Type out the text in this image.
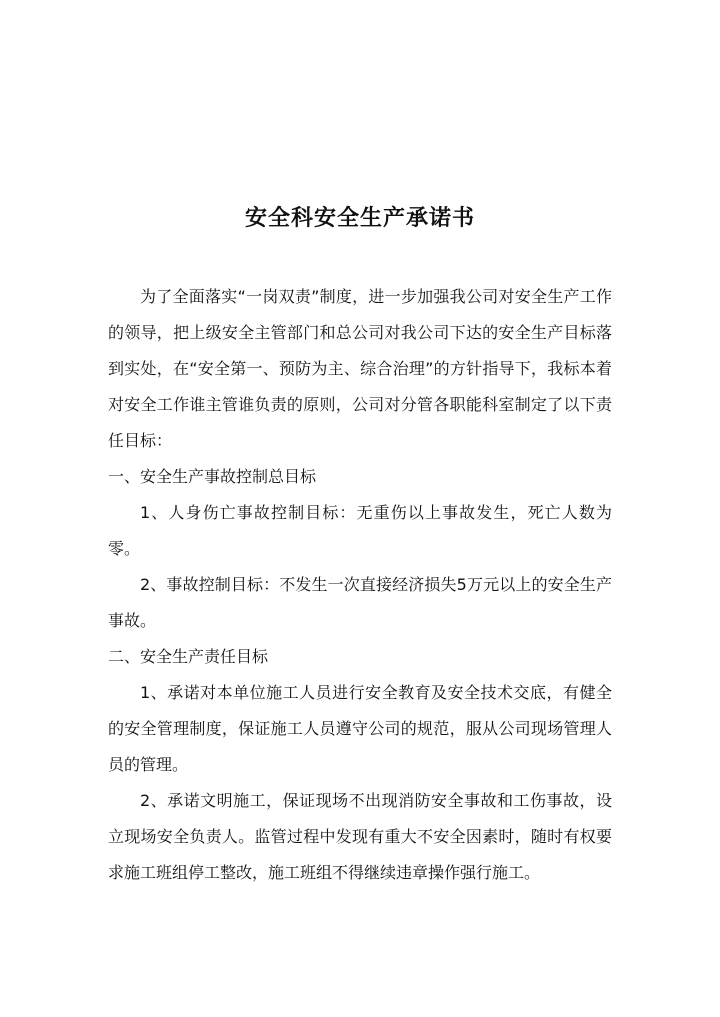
安全科安全生产承诺书

为了全面落实“一岗双责”制度，进一步加强我公司对安全生产工作的领导，把上级安全主管部门和总公司对我公司下达的安全生产目标落到实处，在“安全第一、预防为主、综合治理”的方针指导下，我标本着对安全工作谁主管谁负责的原则，公司对分管各职能科室制定了以下责任目标：

一、安全生产事故控制总目标

1、人身伤亡事故控制目标：无重伤以上事故发生，死亡人数为零。

2、事故控制目标：不发生一次直接经济损失5万元以上的安全生产事故。

二、安全生产责任目标

1、承诺对本单位施工人员进行安全教育及安全技术交底，有健全的安全管理制度，保证施工人员遵守公司的规范，服从公司现场管理人员的管理。

2、承诺文明施工，保证现场不出现消防安全事故和工伤事故，设立现场安全负责人。监管过程中发现有重大不安全因素时，随时有权要求施工班组停工整改，施工班组不得继续违章操作强行施工。
